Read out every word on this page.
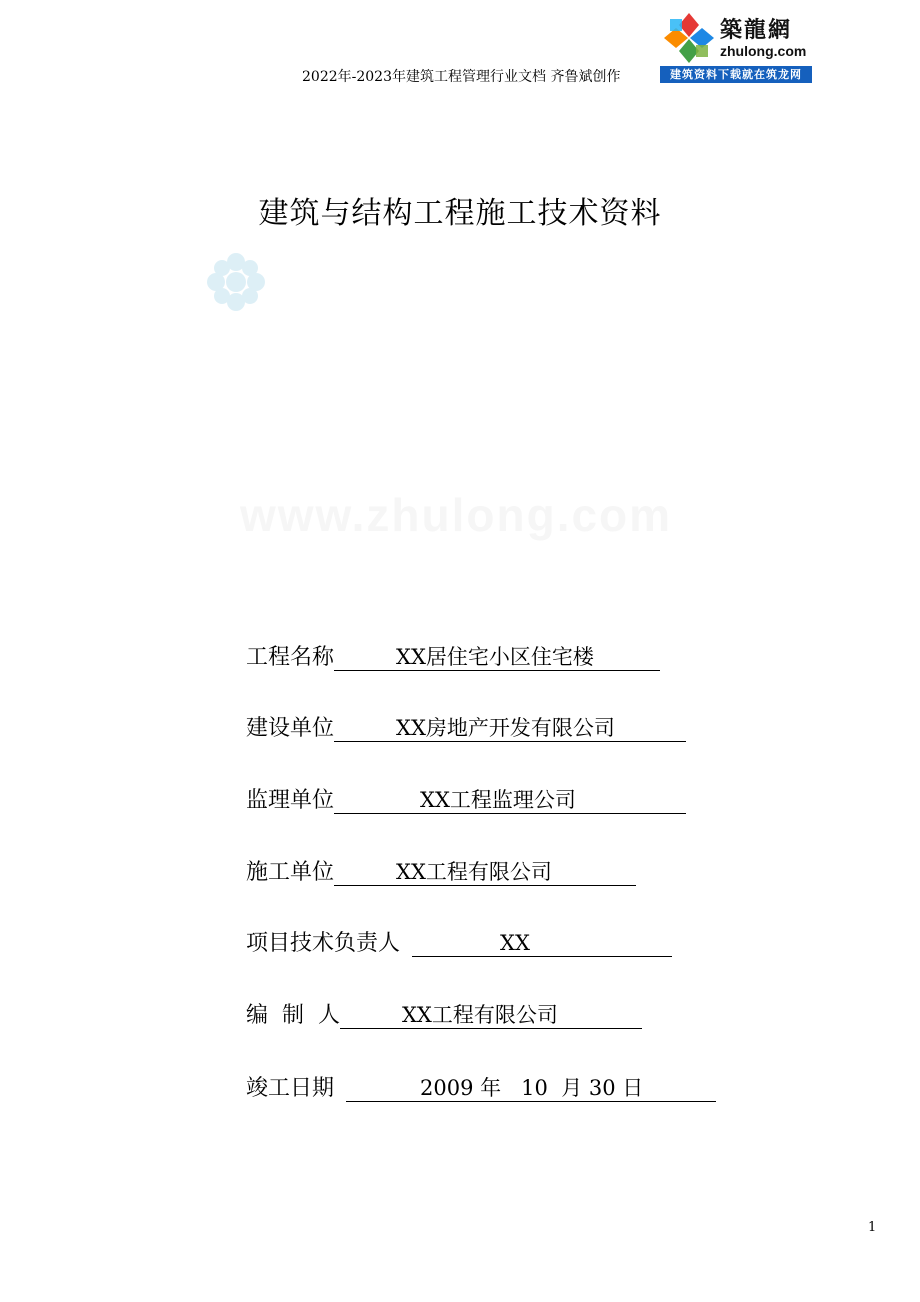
2022年-2023年建筑工程管理行业文档 齐鲁斌创作
築龍網
zhulong.com
建筑资料下载就在筑龙网
建筑与结构工程施工技术资料
www.zhulong.com
工程名称	XX居住宅小区住宅楼
建设单位	XX房地产开发有限公司
监理单位	XX工程监理公司
施工单位	XX工程有限公司
项目技术负责人	XX
编  制  人	XX工程有限公司
竣工日期	2009 年   10  月 30 日
1
